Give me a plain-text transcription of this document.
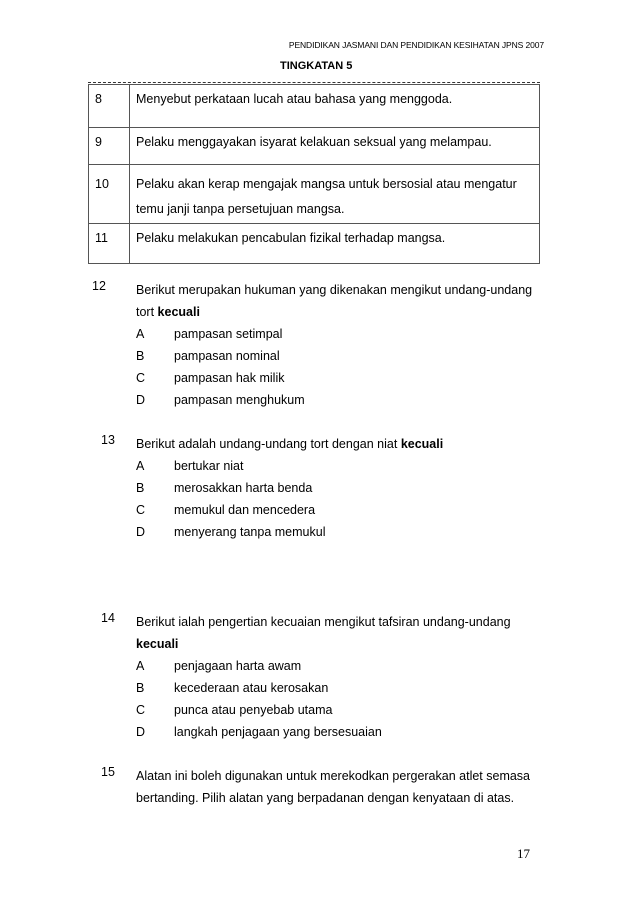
PENDIDIKAN JASMANI DAN PENDIDIKAN KESIHATAN JPNS 2007
TINGKATAN 5
8	Menyebut perkataan lucah atau bahasa yang menggoda.
9	Pelaku menggayakan isyarat kelakuan seksual yang melampau.
10	Pelaku akan kerap mengajak mangsa untuk bersosial atau mengatur temu janji tanpa persetujuan mangsa.
11	Pelaku melakukan pencabulan fizikal terhadap mangsa.
12 Berikut merupakan hukuman yang dikenakan mengikut undang-undang tort kecuali
A pampasan setimpal
B pampasan nominal
C pampasan hak milik
D pampasan menghukum
13 Berikut adalah undang-undang tort dengan niat kecuali
A bertukar niat
B merosakkan harta benda
C memukul dan mencedera
D menyerang tanpa memukul
14 Berikut ialah pengertian kecuaian mengikut tafsiran undang-undang
kecuali
A penjagaan harta awam
B kecederaan atau kerosakan
C punca atau penyebab utama
D langkah penjagaan yang bersesuaian
15 Alatan ini boleh digunakan untuk merekodkan pergerakan atlet semasa bertanding. Pilih alatan yang berpadanan dengan kenyataan di atas.
17
